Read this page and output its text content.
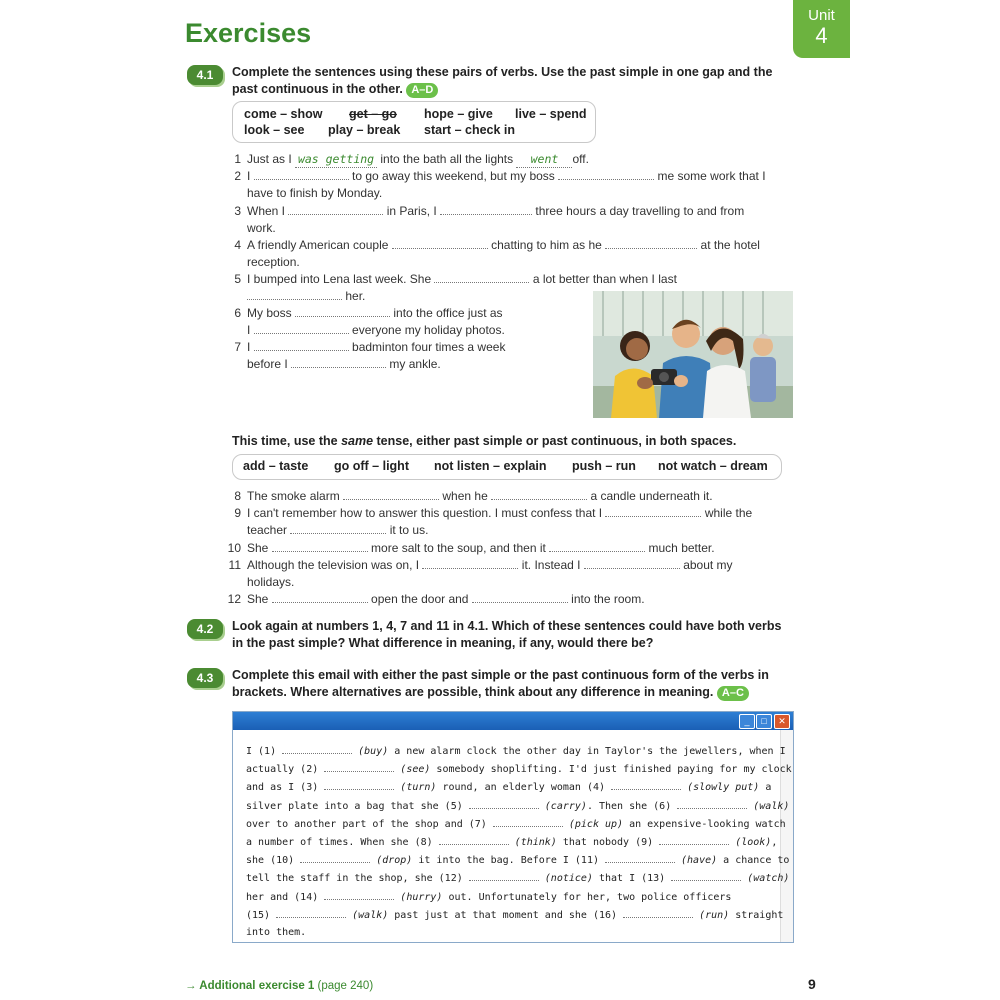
Exercises
Unit
4
4.1	Complete the sentences using these pairs of verbs. Use the past simple in one gap and the past continuous in the other. A–D
come – show get – go hope – give live – spend
look – see play – break start – check in
1 Just as I was getting into the bath all the lights went off.
2 I	to go away this weekend, but my boss	me some work that I
have to finish by Monday.
3 When I	in Paris, I	three hours a day travelling to and from
work.
4 A friendly American couple	chatting to him as he	at the hotel
reception.
5 I bumped into Lena last week. She	a lot better than when I last
her.
6 My boss	into the office just as
I	everyone my holiday photos.
7 I	badminton four times a week
before I	my ankle.
This time, use the same tense, either past simple or past continuous, in both spaces.
add – taste go off – light not listen – explain push – run not watch – dream
8 The smoke alarm	when he	a candle underneath it.
9 I can't remember how to answer this question. I must confess that I	while the
teacher	it to us.
10 She	more salt to the soup, and then it	much better.
11 Although the television was on, I	it. Instead I	about my
holidays.
12 She	open the door and	into the room.
4.2	Look again at numbers 1, 4, 7 and 11 in 4.1. Which of these sentences could have both verbs in the past simple? What difference in meaning, if any, would there be?
4.3	Complete this email with either the past simple or the past continuous form of the verbs in brackets. Where alternatives are possible, think about any difference in meaning. A–C
_	□	✕
I (1)	(buy) a new alarm clock the other day in Taylor's the jewellers, when I
actually (2)	(see) somebody shoplifting. I'd just finished paying for my clock
and as I (3)	(turn) round, an elderly woman (4)	(slowly put) a
silver plate into a bag that she (5)	(carry). Then she (6)	(walk)
over to another part of the shop and (7)	(pick up) an expensive-looking watch
a number of times. When she (8)	(think) that nobody (9)	(look),
she (10)	(drop) it into the bag. Before I (11)	(have) a chance to
tell the staff in the shop, she (12)	(notice) that I (13)	(watch)
her and (14)	(hurry) out. Unfortunately for her, two police officers
(15)	(walk) past just at that moment and she (16)	(run) straight
into them.
→ Additional exercise 1 (page 240)	9
